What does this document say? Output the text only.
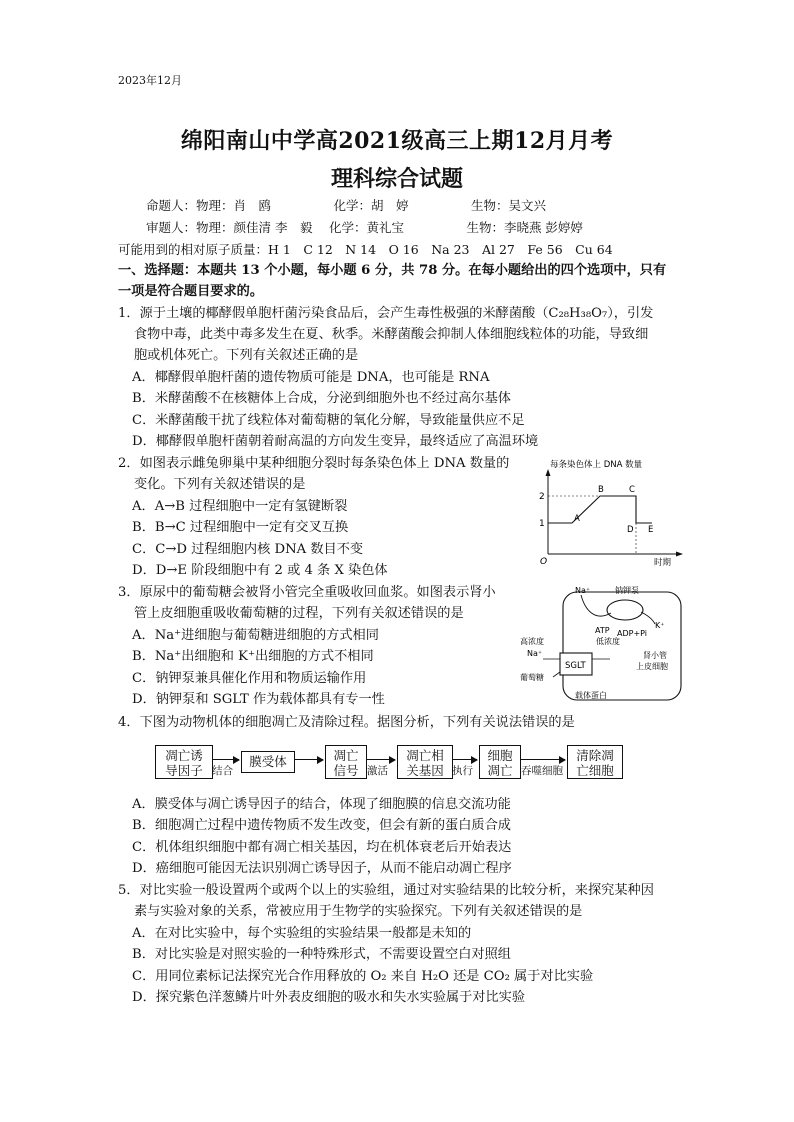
2023年12月
绵阳南山中学高2021级高三上期12月月考
理科综合试题
命题人：物理：肖　鸥　　　　　化学：胡　婷　　　　　生物：吴文兴
审题人：物理：颜佳清 李　毅　 化学：黄礼宝　　　　　生物：李晓燕 彭婷婷
可能用到的相对原子质量：H 1　C 12　N 14　O 16　Na 23　Al 27　Fe 56　Cu 64
一、选择题：本题共 13 个小题，每小题 6 分，共 78 分。在每小题给出的四个选项中，只有
一项是符合题目要求的。
1．源于土壤的椰酵假单胞杆菌污染食品后，会产生毒性极强的米酵菌酸（C₂₈H₃₈O₇），引发
食物中毒，此类中毒多发生在夏、秋季。米酵菌酸会抑制人体细胞线粒体的功能，导致细
胞或机体死亡。下列有关叙述正确的是
A．椰酵假单胞杆菌的遗传物质可能是 DNA，也可能是 RNA
B．米酵菌酸不在核糖体上合成，分泌到细胞外也不经过高尔基体
C．米酵菌酸干扰了线粒体对葡萄糖的氧化分解，导致能量供应不足
D．椰酵假单胞杆菌朝着耐高温的方向发生变异，最终适应了高温环境
2．如图表示雌兔卵巢中某种细胞分裂时每条染色体上 DNA 数量的
变化。下列有关叙述错误的是
A．A→B 过程细胞中一定有氢键断裂
B．B→C 过程细胞中一定有交叉互换
C．C→D 过程细胞内核 DNA 数目不变
D．D→E 阶段细胞中有 2 或 4 条 X 染色体
每条染色体上 DNA 数量
O	时期
1
2
A
B	C
D E
3．原尿中的葡萄糖会被肾小管完全重吸收回血浆。如图表示肾小
管上皮细胞重吸收葡萄糖的过程，下列有关叙述错误的是
A．Na⁺进细胞与葡萄糖进细胞的方式相同
B．Na⁺出细胞和 K⁺出细胞的方式不相同
C．钠钾泵兼具催化作用和物质运输作用
D．钠钾泵和 SGLT 作为载体都具有专一性
Na⁺	钠钾泵
K⁺
ATP ADP+Pi
低浓度
高浓度
Na⁺
SGLT
肾小管
上皮细胞
葡萄糖
载体蛋白
4．下图为动物机体的细胞凋亡及清除过程。据图分析，下列有关说法错误的是
凋亡诱
导因子 结合
膜受体	凋亡
信号 激活
凋亡相
关基因 执行
细胞
凋亡 吞噬细胞
清除凋
亡细胞
A．膜受体与凋亡诱导因子的结合，体现了细胞膜的信息交流功能
B．细胞凋亡过程中遗传物质不发生改变，但会有新的蛋白质合成
C．机体组织细胞中都有凋亡相关基因，均在机体衰老后开始表达
D．癌细胞可能因无法识别凋亡诱导因子，从而不能启动凋亡程序
5．对比实验一般设置两个或两个以上的实验组，通过对实验结果的比较分析，来探究某种因
素与实验对象的关系，常被应用于生物学的实验探究。下列有关叙述错误的是
A．在对比实验中，每个实验组的实验结果一般都是未知的
B．对比实验是对照实验的一种特殊形式，不需要设置空白对照组
C．用同位素标记法探究光合作用释放的 O₂ 来自 H₂O 还是 CO₂ 属于对比实验
D．探究紫色洋葱鳞片叶外表皮细胞的吸水和失水实验属于对比实验
